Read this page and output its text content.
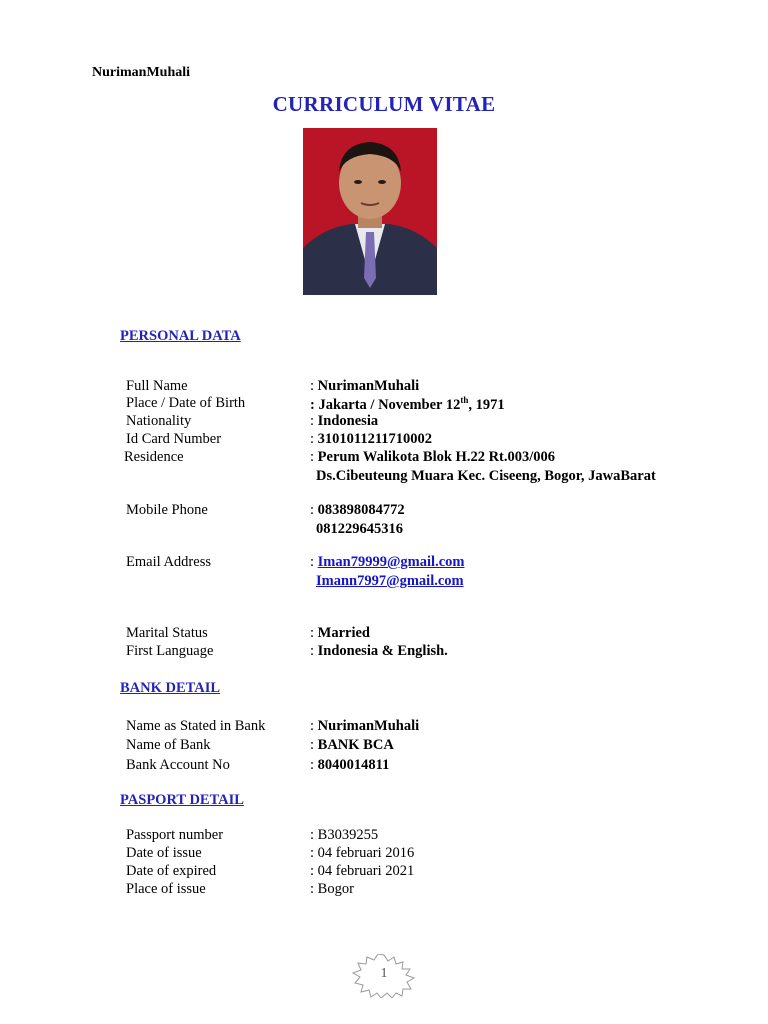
NurimanMuhali
CURRICULUM VITAE
PERSONAL DATA
Full Name	: NurimanMuhali
Place / Date of Birth	: Jakarta / November 12th, 1971
Nationality	: Indonesia
Id Card Number	: 3101011211710002
Residence	: Perum Walikota Blok H.22 Rt.003/006
Ds.Cibeuteung Muara Kec. Ciseeng, Bogor, JawaBarat
Mobile Phone	: 083898084772
081229645316
Email Address	: Iman79999@gmail.com
Imann7997@gmail.com
Marital Status	: Married
First Language	: Indonesia & English.
BANK DETAIL
Name as Stated in Bank	: NurimanMuhali
Name of Bank	: BANK BCA
Bank Account No	: 8040014811
PASPORT DETAIL
Passport number	: B3039255
Date of issue	: 04 februari 2016
Date of expired	: 04 februari 2021
Place of issue	: Bogor
1
